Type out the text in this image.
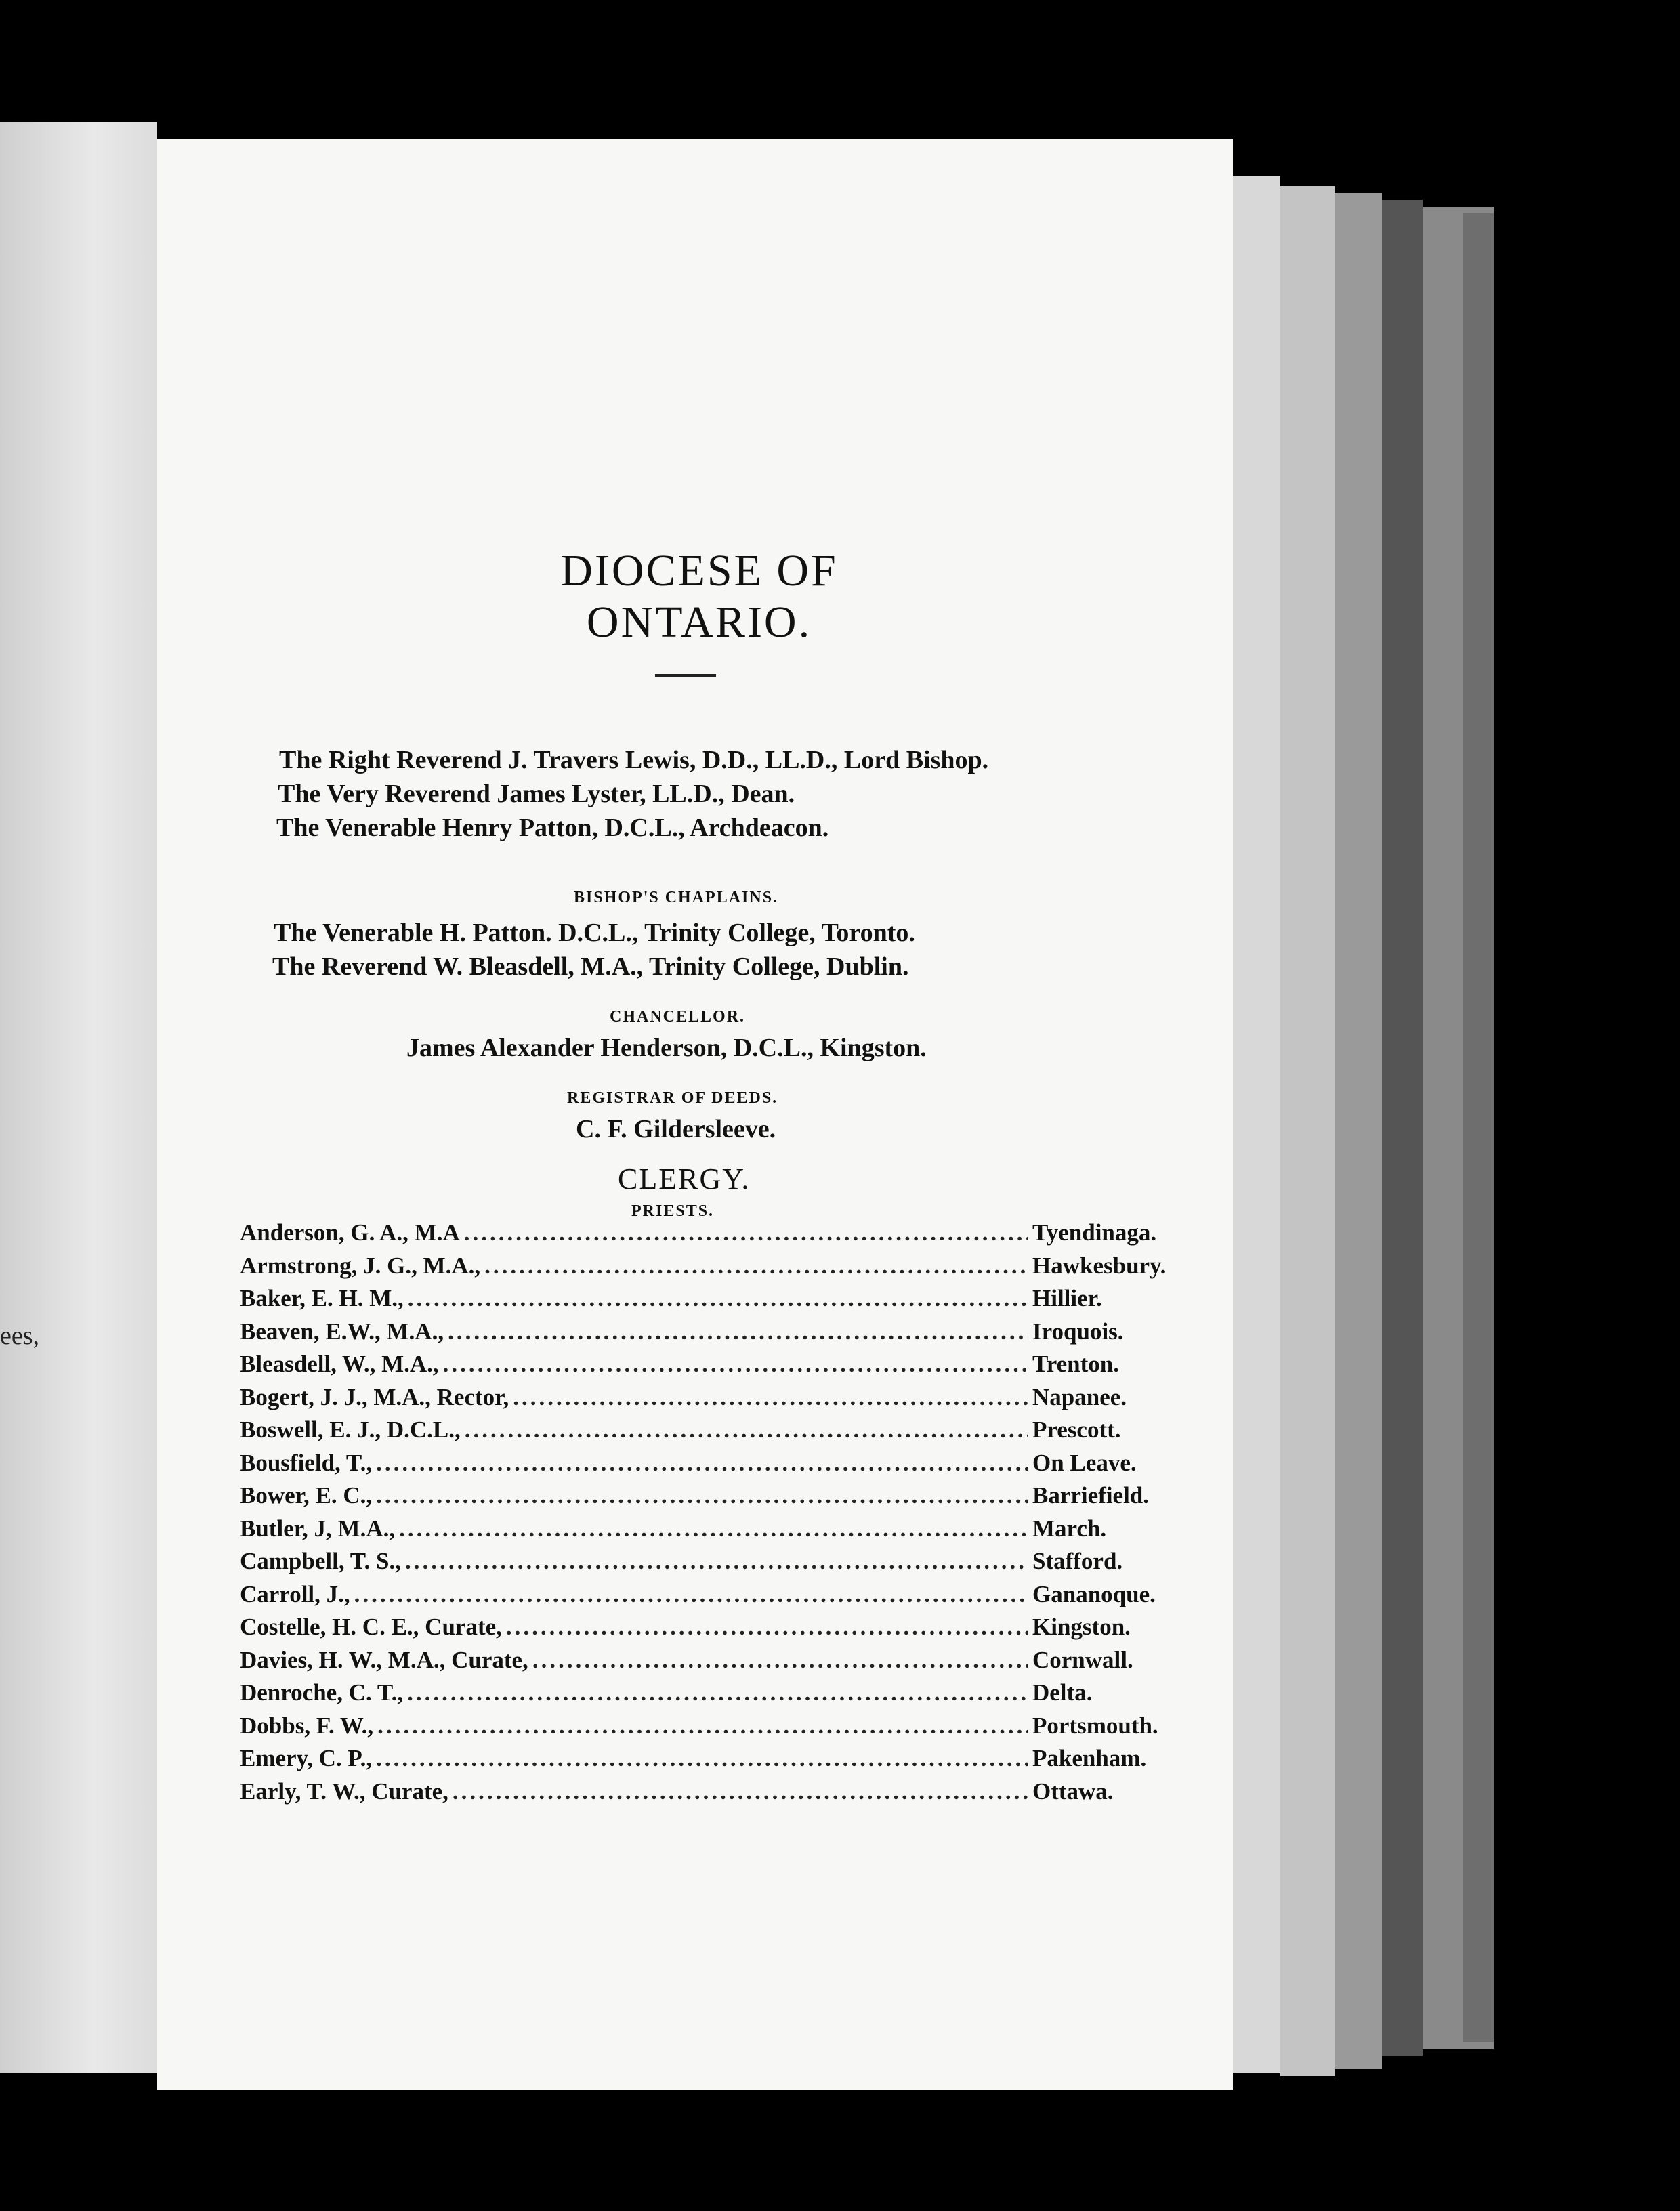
ees,
DIOCESE OF ONTARIO.
The Right Reverend J. Travers Lewis, D.D., LL.D., Lord Bishop.
The Very Reverend James Lyster, LL.D., Dean.
The Venerable Henry Patton, D.C.L., Archdeacon.
BISHOP'S CHAPLAINS.
The Venerable H. Patton. D.C.L., Trinity College, Toronto.
The Reverend W. Bleasdell, M.A., Trinity College, Dublin.
CHANCELLOR.
James Alexander Henderson, D.C.L., Kingston.
REGISTRAR OF DEEDS.
C. F. Gildersleeve.
CLERGY.
PRIESTS.
Anderson, G. A., M.A .....	Tyendinaga.
Armstrong, J. G., M.A., .....	Hawkesbury.
Baker, E. H. M., .....	Hillier.
Beaven, E.W., M.A., .....	Iroquois.
Bleasdell, W., M.A., .....	Trenton.
Bogert, J. J., M.A., Rector, .....	Napanee.
Boswell, E. J., D.C.L., .....	Prescott.
Bousfield, T., .....	On Leave.
Bower, E. C., .....	Barriefield.
Butler, J, M.A., .....	March.
Campbell, T. S., .....	Stafford.
Carroll, J., .....	Gananoque.
Costelle, H. C. E., Curate, .....	Kingston.
Davies, H. W., M.A., Curate, .....	Cornwall.
Denroche, C. T., .....	Delta.
Dobbs, F. W., .....	Portsmouth.
Emery, C. P., .....	Pakenham.
Early, T. W., Curate, .....	Ottawa.
